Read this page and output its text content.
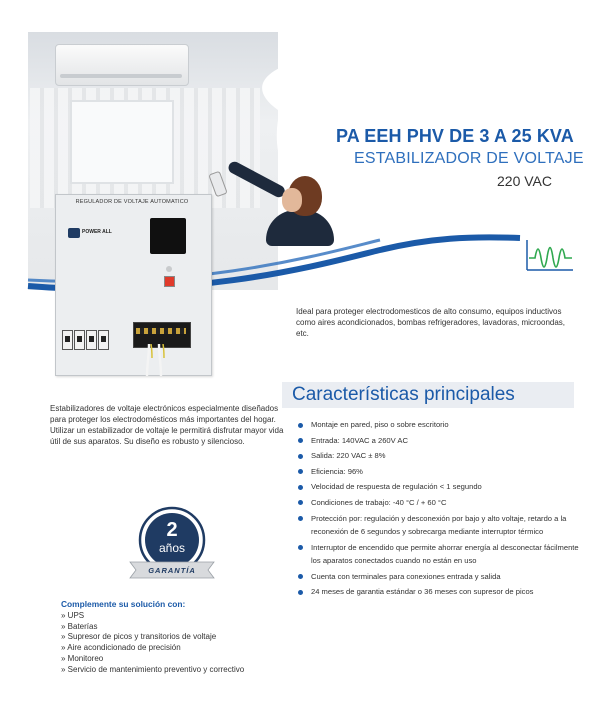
REGULADOR DE VOLTAJE AUTOMATICO
POWER ALL
PA EEH PHV DE 3 A 25 KVA
ESTABILIZADOR DE VOLTAJE
220 VAC
Ideal para proteger electrodomesticos de alto consumo, equipos inductivos como aires acondicionados, bombas refrigeradores, lavadoras, microondas, etc.
Estabilizadores de voltaje electrónicos especialmente diseñados para proteger los electrodomésticos más importantes del hogar. Utilizar un estabilizador de voltaje le permitirá disfrutar mayor vida útil de sus aparatos. Su diseño es robusto y silencioso.
Características principales
Montaje en pared, piso o sobre escritorio
Entrada: 140VAC a 260V AC
Salida: 220 VAC ± 8%
Eficiencia: 96%
Velocidad de respuesta de regulación < 1 segundo
Condiciones de trabajo: -40 °C / + 60 °C
Protección por: regulación y desconexión por bajo y alto voltaje, retardo a la reconexión de 6 segundos y sobrecarga mediante interruptor térmico
Interruptor de encendido que permite ahorrar energía al desconectar fácilmente los aparatos conectados cuando no están en uso
Cuenta con terminales para conexiones entrada y salida
24 meses de garantia estándar o 36 meses con supresor de picos
2
años
GARANTÍA
Complemente su solución con:
» UPS
» Baterías
» Supresor de picos y transitorios de voltaje
» Aire acondicionado de precisión
» Monitoreo
» Servicio de mantenimiento preventivo y correctivo
